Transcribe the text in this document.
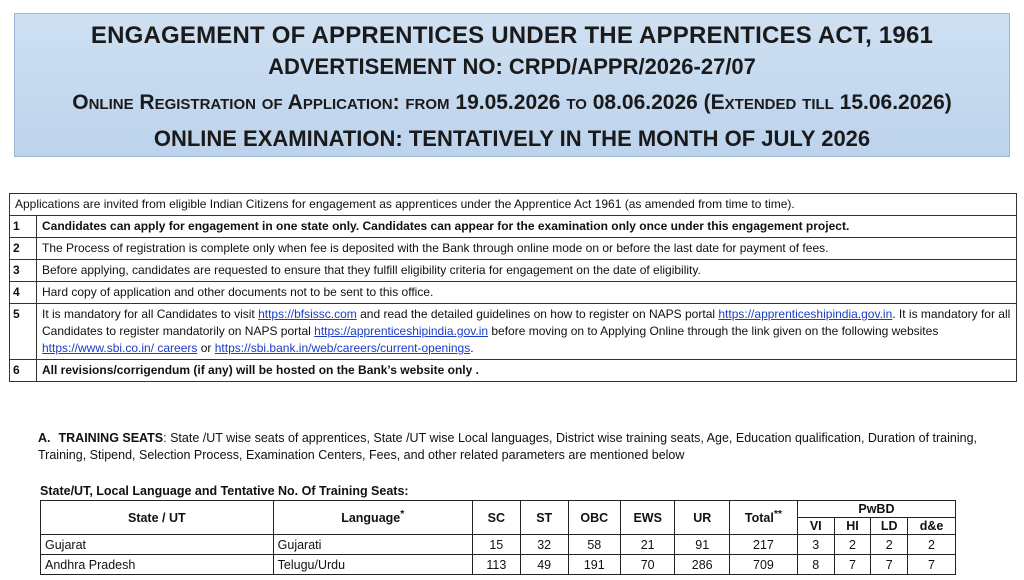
ENGAGEMENT OF APPRENTICES UNDER THE APPRENTICES ACT, 1961
ADVERTISEMENT NO: CRPD/APPR/2026-27/07
Online Registration of Application: from 19.05.2026 to 08.06.2026 (Extended till 15.06.2026)
ONLINE EXAMINATION: TENTATIVELY IN THE MONTH OF JULY 2026
Applications are invited from eligible Indian Citizens for engagement as apprentices under the Apprentice Act 1961 (as amended from time to time).	
1	Candidates can apply for engagement in one state only. Candidates can appear for the examination only once under this engagement project.
2	The Process of registration is complete only when fee is deposited with the Bank through online mode on or before the last date for payment of fees.
3	Before applying, candidates are requested to ensure that they fulfill eligibility criteria for engagement on the date of eligibility.
4	Hard copy of application and other documents not to be sent to this office.
5	It is mandatory for all Candidates to visit https://bfsissc.com and read the detailed guidelines on how to register on NAPS portal https://apprenticeshipindia.gov.in. It is mandatory for all Candidates to register mandatorily on NAPS portal https://apprenticeshipindia.gov.in before moving on to Applying Online through the link given on the following websites https://www.sbi.co.in/ careers or https://sbi.bank.in/web/careers/current-openings.
6	All revisions/corrigendum (if any) will be hosted on the Bank’s website only .
A. TRAINING SEATS: State /UT wise seats of apprentices, State /UT wise Local languages, District wise training seats, Age, Education qualification, Duration of training, Training, Stipend, Selection Process, Examination Centers, Fees, and other related parameters are mentioned below
State/UT, Local Language and Tentative No. Of Training Seats:
State / UT	Language*	SC	ST	OBC	EWS	UR	Total**	PwBD			
								VI	HI	LD	d&e
Gujarat	Gujarati	15	32	58	21	91	217	3	2	2	2
Andhra Pradesh	Telugu/Urdu	113	49	191	70	286	709	8	7	7	7
